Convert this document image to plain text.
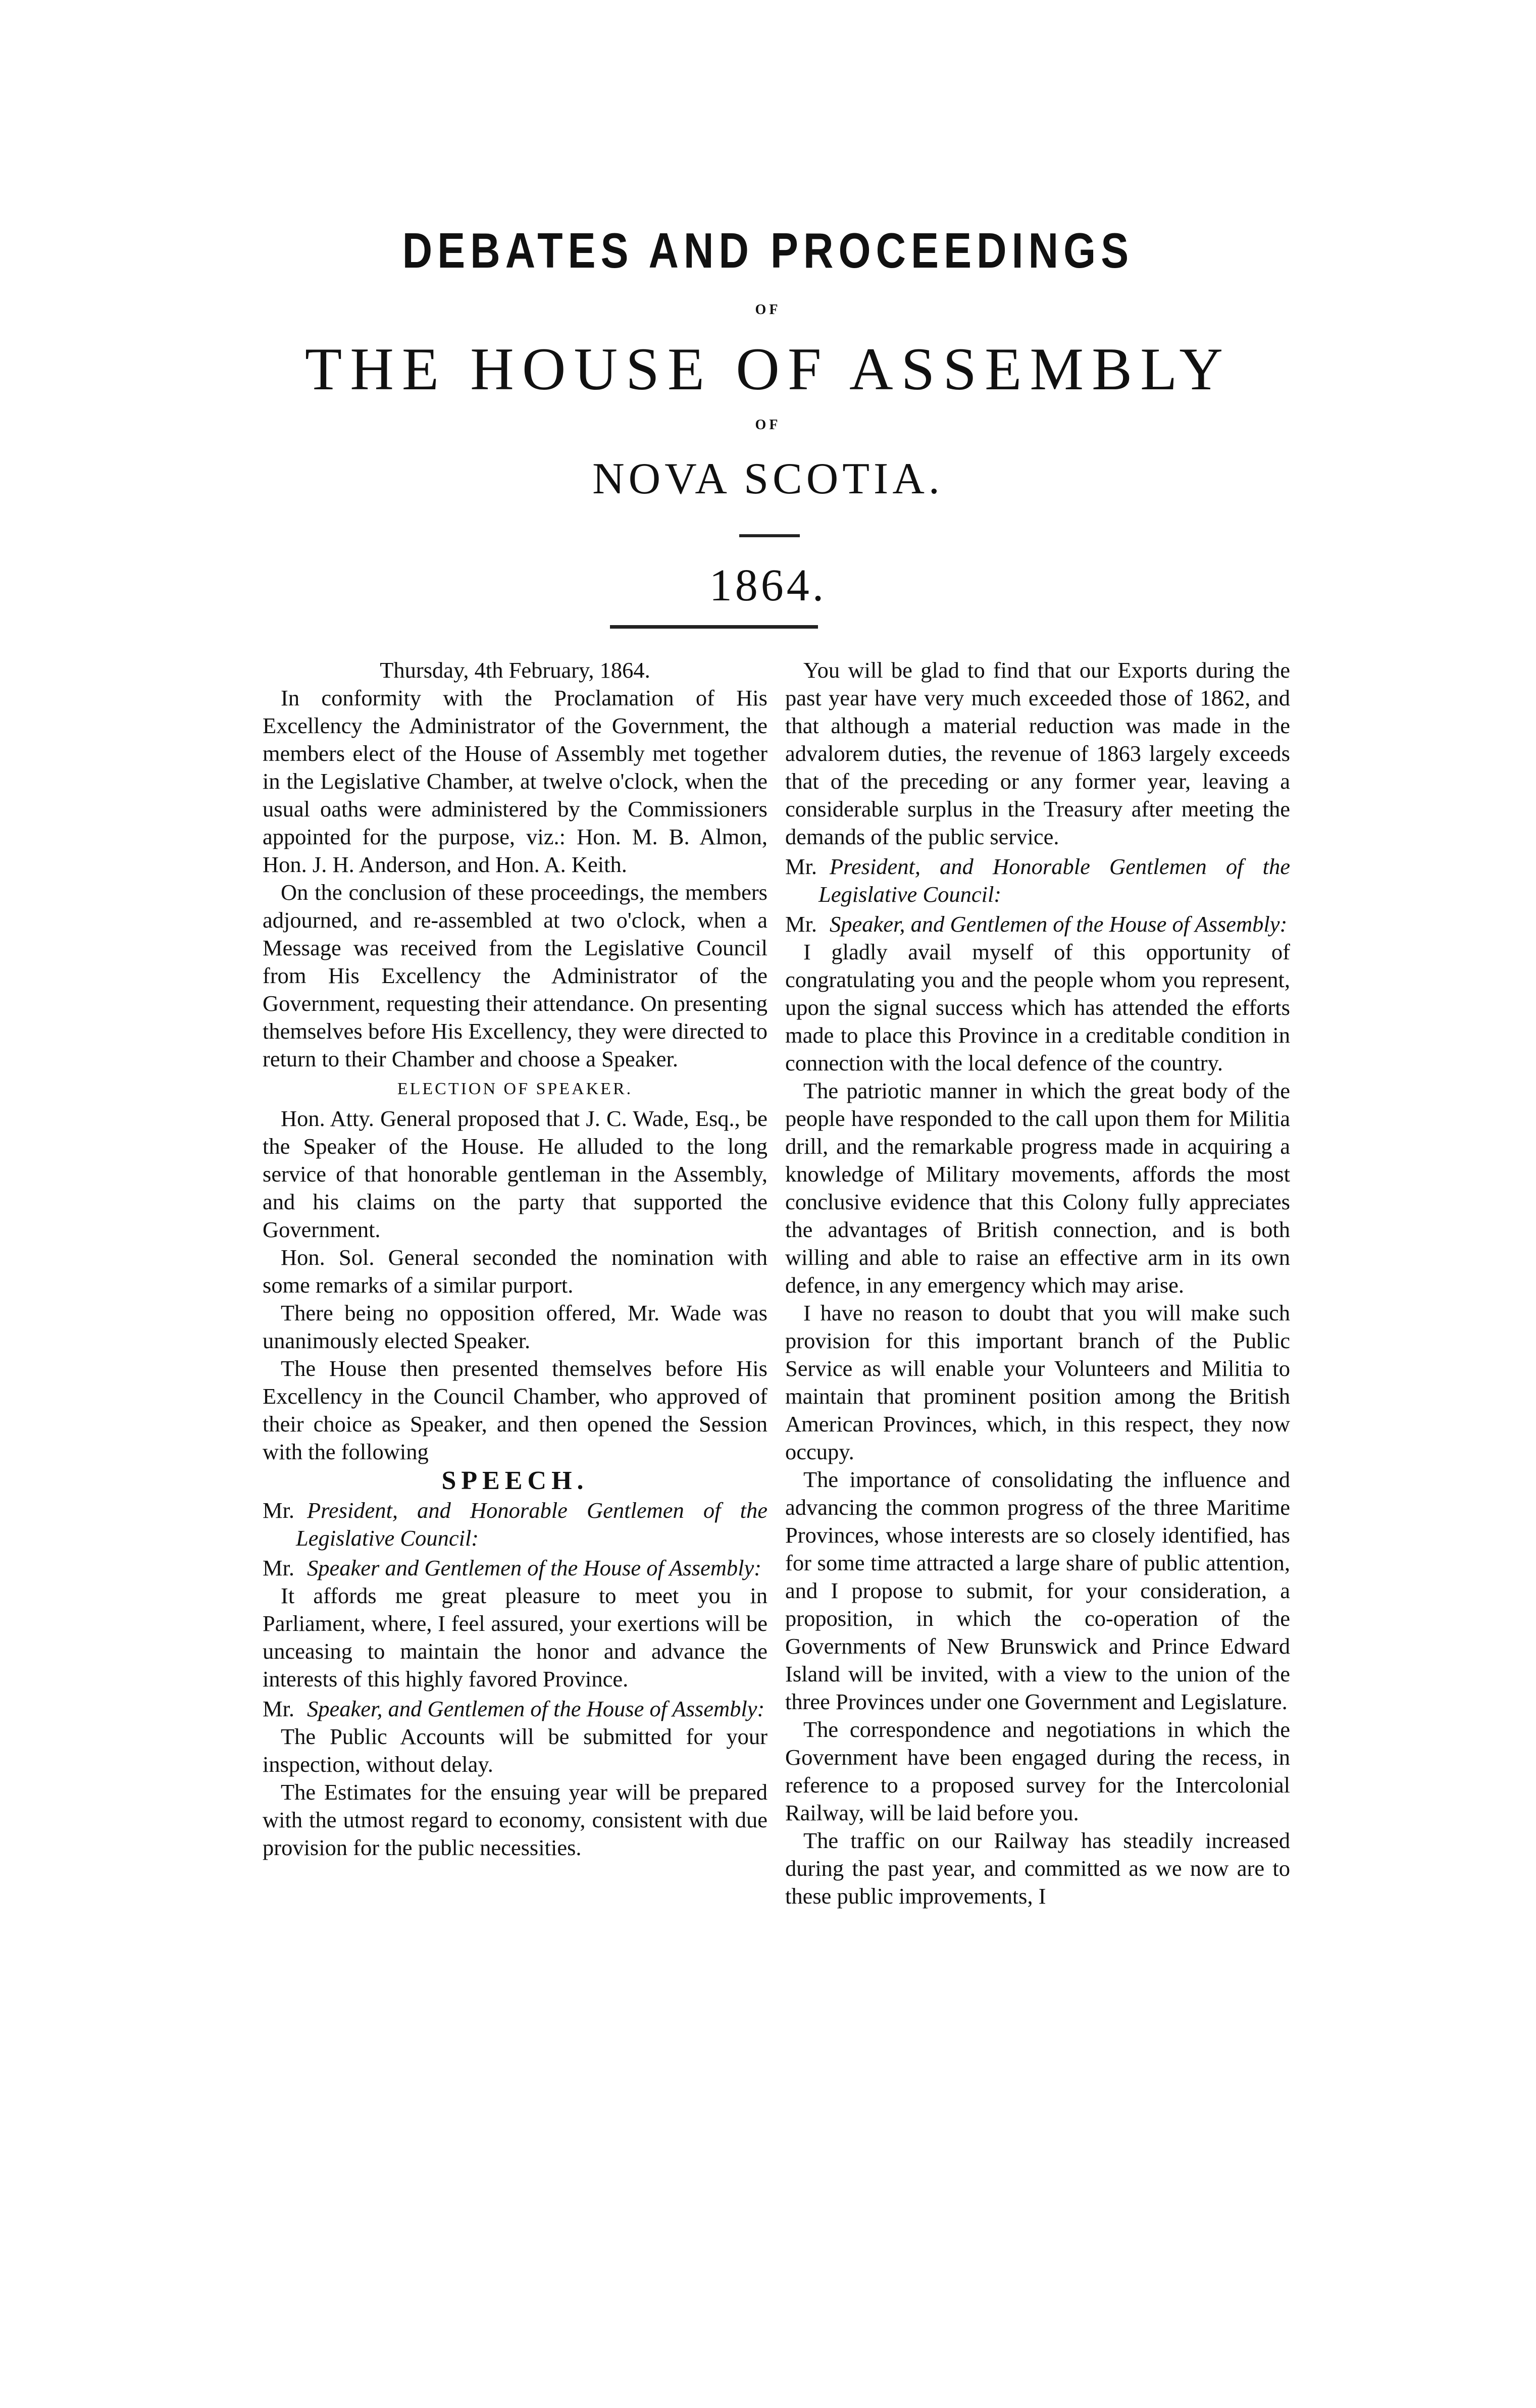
DEBATES AND PROCEEDINGS
OF
THE HOUSE OF ASSEMBLY
OF
NOVA SCOTIA.
1864.

Thursday, 4th February, 1864.

In conformity with the Proclamation of His Excellency the Administrator of the Government, the members elect of the House of Assembly met together in the Legislative Chamber, at twelve o'clock, when the usual oaths were administered by the Commissioners appointed for the purpose, viz.: Hon. M. B. Almon, Hon. J. H. Anderson, and Hon. A. Keith.

On the conclusion of these proceedings, the members adjourned, and re-assembled at two o'clock, when a Message was received from the Legislative Council from His Excellency the Administrator of the Government, requesting their attendance. On presenting themselves before His Excellency, they were directed to return to their Chamber and choose a Speaker.

ELECTION OF SPEAKER.

Hon. Atty. General proposed that J. C. Wade, Esq., be the Speaker of the House. He alluded to the long service of that honorable gentleman in the Assembly, and his claims on the party that supported the Government.

Hon. Sol. General seconded the nomination with some remarks of a similar purport.

There being no opposition offered, Mr. Wade was unanimously elected Speaker.

The House then presented themselves before His Excellency in the Council Chamber, who approved of their choice as Speaker, and then opened the Session with the following

SPEECH.

Mr. President, and Honorable Gentlemen of the Legislative Council:

Mr. Speaker and Gentlemen of the House of Assembly:

It affords me great pleasure to meet you in Parliament, where, I feel assured, your exertions will be unceasing to maintain the honor and advance the interests of this highly favored Province.

Mr. Speaker, and Gentlemen of the House of Assembly:

The Public Accounts will be submitted for your inspection, without delay.

The Estimates for the ensuing year will be prepared with the utmost regard to economy, consistent with due provision for the public necessities.

You will be glad to find that our Exports during the past year have very much exceeded those of 1862, and that although a material reduction was made in the advalorem duties, the revenue of 1863 largely exceeds that of the preceding or any former year, leaving a considerable surplus in the Treasury after meeting the demands of the public service.

Mr. President, and Honorable Gentlemen of the Legislative Council:

Mr. Speaker, and Gentlemen of the House of Assembly:

I gladly avail myself of this opportunity of congratulating you and the people whom you represent, upon the signal success which has attended the efforts made to place this Province in a creditable condition in connection with the local defence of the country.

The patriotic manner in which the great body of the people have responded to the call upon them for Militia drill, and the remarkable progress made in acquiring a knowledge of Military movements, affords the most conclusive evidence that this Colony fully appreciates the advantages of British connection, and is both willing and able to raise an effective arm in its own defence, in any emergency which may arise.

I have no reason to doubt that you will make such provision for this important branch of the Public Service as will enable your Volunteers and Militia to maintain that prominent position among the British American Provinces, which, in this respect, they now occupy.

The importance of consolidating the influence and advancing the common progress of the three Maritime Provinces, whose interests are so closely identified, has for some time attracted a large share of public attention, and I propose to submit, for your consideration, a proposition, in which the co-operation of the Governments of New Brunswick and Prince Edward Island will be invited, with a view to the union of the three Provinces under one Government and Legislature.

The correspondence and negotiations in which the Government have been engaged during the recess, in reference to a proposed survey for the Intercolonial Railway, will be laid before you.

The traffic on our Railway has steadily increased during the past year, and committed as we now are to these public improvements, I
